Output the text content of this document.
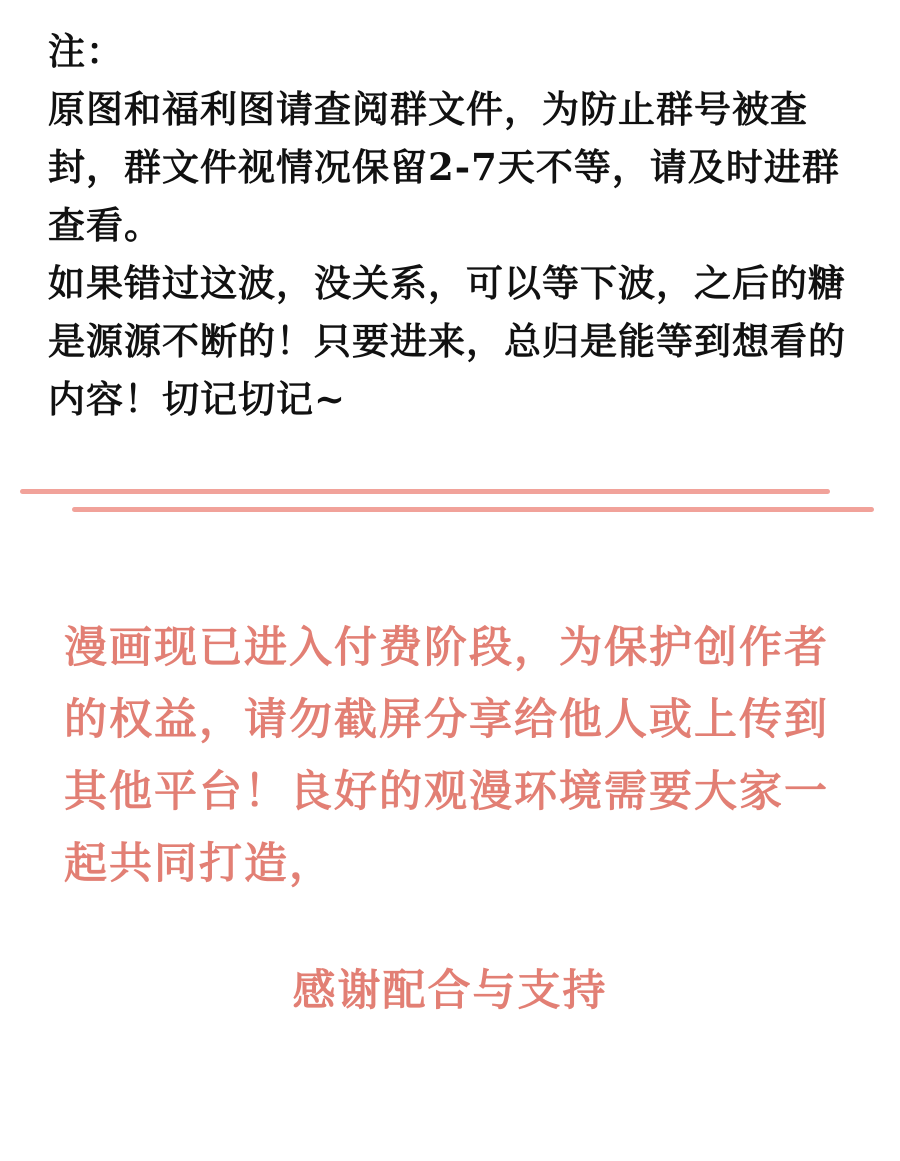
注：

原图和福利图请查阅群文件，为防止群号被查封，群文件视情况保留2-7天不等，请及时进群查看。

如果错过这波，没关系，可以等下波，之后的糖是源源不断的！只要进来，总归是能等到想看的内容！切记切记~

漫画现已进入付费阶段，为保护创作者的权益，请勿截屏分享给他人或上传到其他平台！良好的观漫环境需要大家一起共同打造，

感谢配合与支持
